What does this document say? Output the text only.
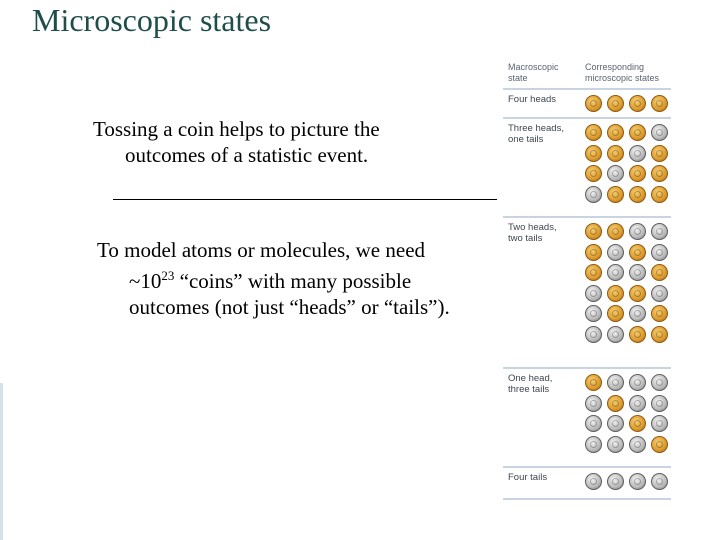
Microscopic states
Tossing a coin helps to picture the
outcomes of a statistic event.
To model atoms or molecules, we need
$\sim 10^{23}$ “coins” with many possible
outcomes (not just “heads” or “tails”).
Macroscopic
state
Corresponding
microscopic states
Four heads
Three heads,
one tails
Two heads,
two tails
One head,
three tails
Four tails
